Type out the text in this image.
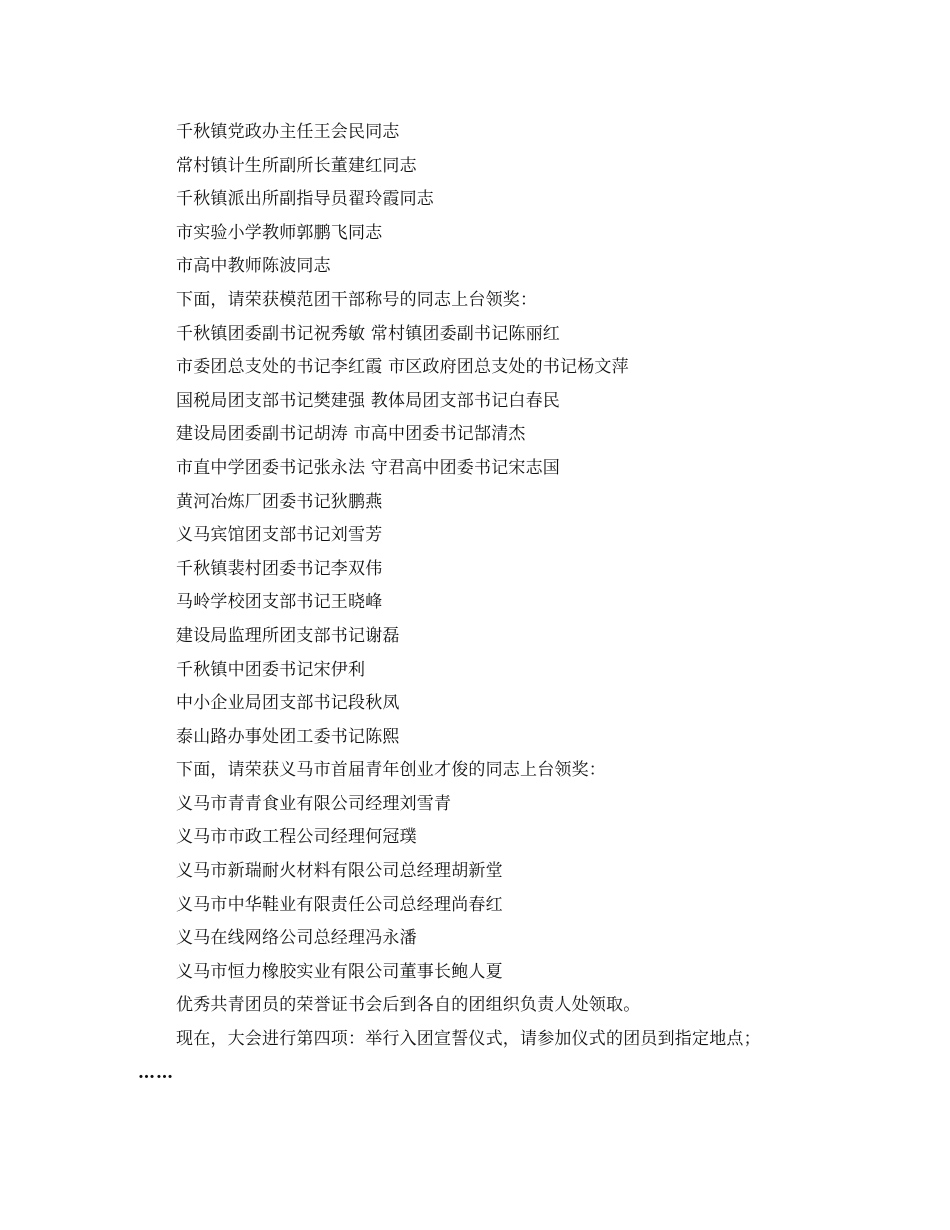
千秋镇党政办主任王会民同志
常村镇计生所副所长董建红同志
千秋镇派出所副指导员翟玲霞同志
市实验小学教师郭鹏飞同志
市高中教师陈波同志
下面，请荣获模范团干部称号的同志上台领奖：
千秋镇团委副书记祝秀敏 常村镇团委副书记陈丽红
市委团总支处的书记李红霞 市区政府团总支处的书记杨文萍
国税局团支部书记樊建强 教体局团支部书记白春民
建设局团委副书记胡涛 市高中团委书记郜清杰
市直中学团委书记张永法 守君高中团委书记宋志国
黄河冶炼厂团委书记狄鹏燕
义马宾馆团支部书记刘雪芳
千秋镇裴村团委书记李双伟
马岭学校团支部书记王晓峰
建设局监理所团支部书记谢磊
千秋镇中团委书记宋伊利
中小企业局团支部书记段秋凤
泰山路办事处团工委书记陈熙
下面，请荣获义马市首届青年创业才俊的同志上台领奖：
义马市青青食业有限公司经理刘雪青
义马市市政工程公司经理何冠璞
义马市新瑞耐火材料有限公司总经理胡新堂
义马市中华鞋业有限责任公司总经理尚春红
义马在线网络公司总经理冯永潘
义马市恒力橡胶实业有限公司董事长鲍人夏
优秀共青团员的荣誉证书会后到各自的团组织负责人处领取。
现在，大会进行第四项：举行入团宣誓仪式，请参加仪式的团员到指定地点；
……
